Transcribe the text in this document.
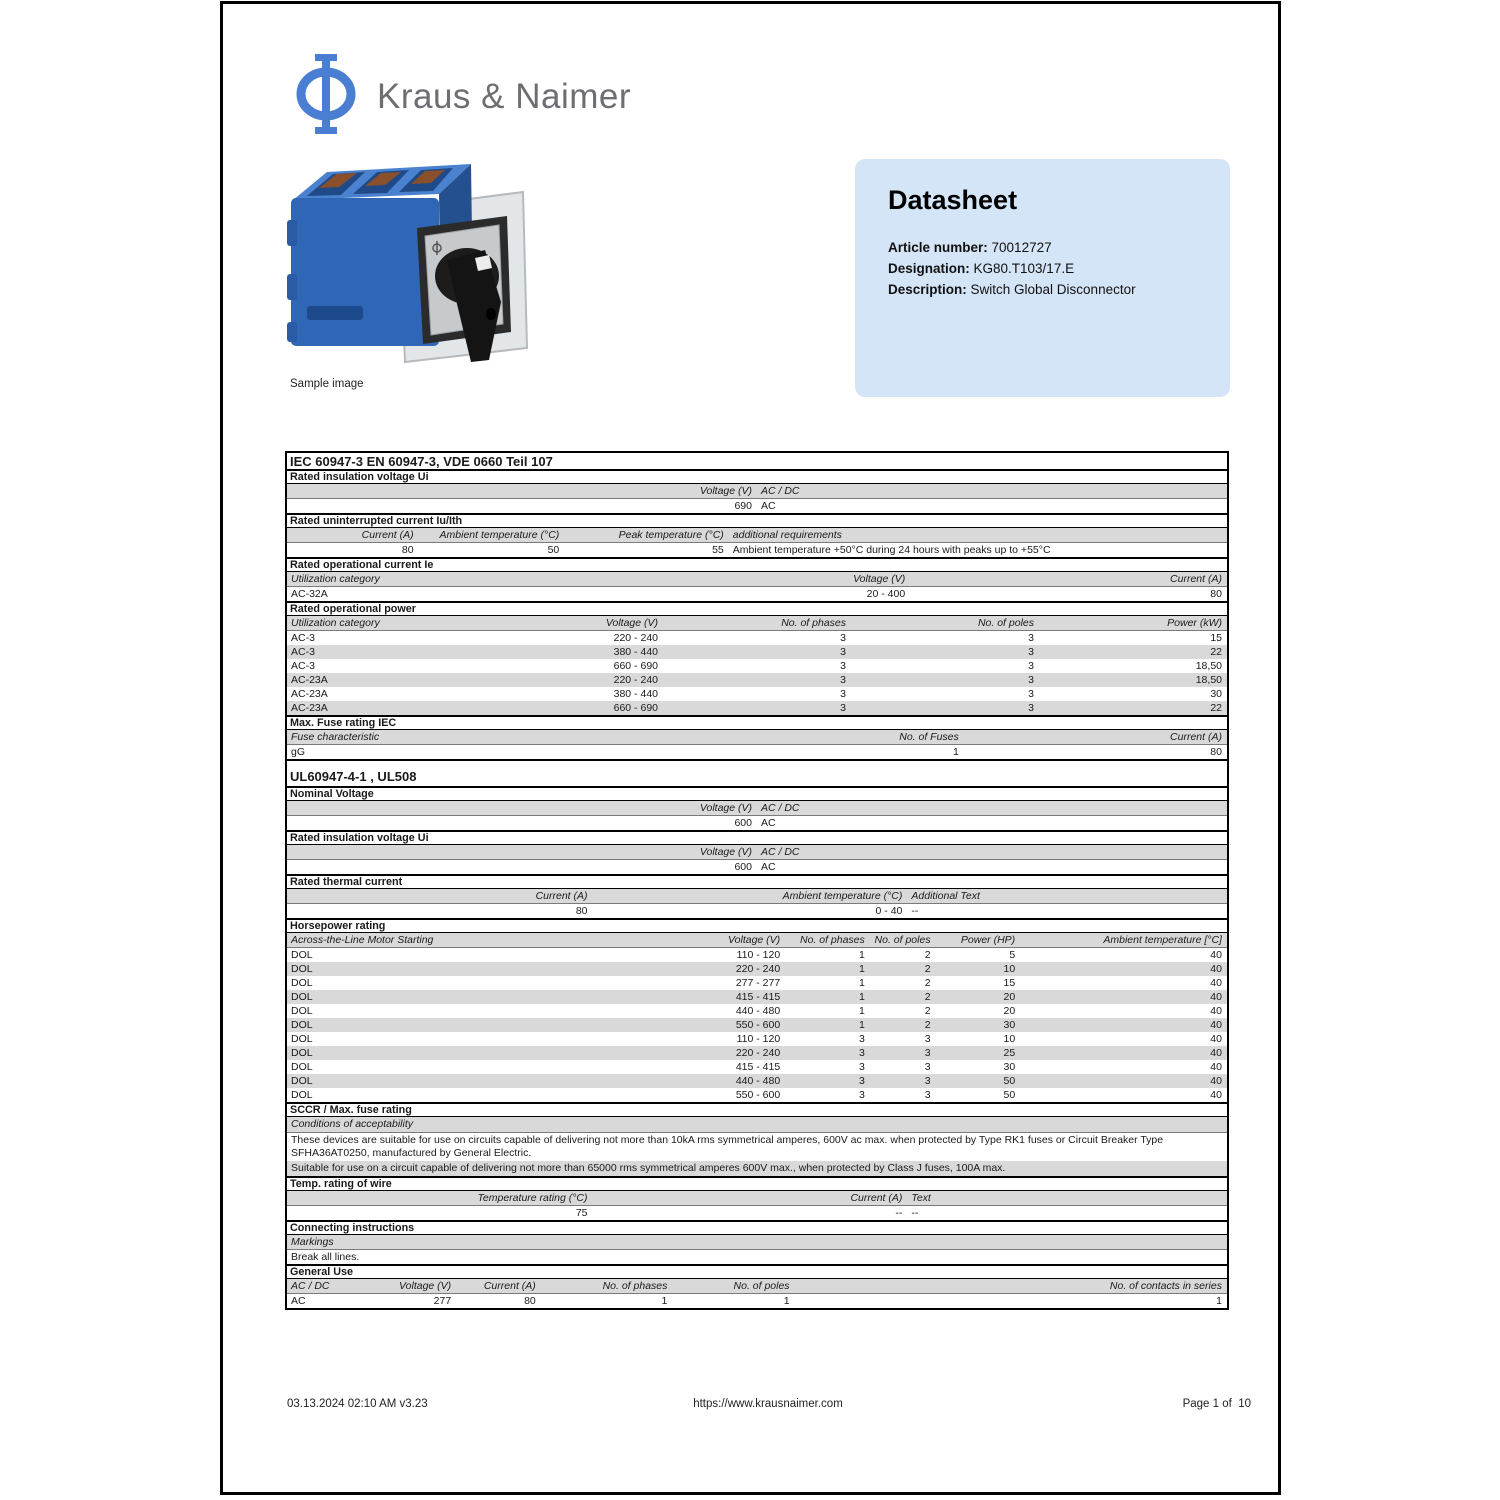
Kraus & Naimer
Sample image
Datasheet
Article number: 70012727
Designation: KG80.T103/17.E
Description: Switch Global Disconnector
IEC 60947-3 EN 60947-3, VDE 0660 Teil 107
Rated insulation voltage Ui
Voltage (V) AC / DC
690 AC
Rated uninterrupted current Iu/Ith
Current (A)	Ambient temperature (°C)	Peak temperature (°C) additional requirements
80	50	55 Ambient temperature +50°C during 24 hours with peaks up to +55°C
Rated operational current Ie
Utilization category	Voltage (V)	Current (A)
AC-32A	20 - 400	80
Rated operational power
Utilization category	Voltage (V)	No. of phases	No. of poles	Power (kW)
AC-3	220 - 240	3	3	15
AC-3	380 - 440	3	3	22
AC-3	660 - 690	3	3	18,50
AC-23A	220 - 240	3	3	18,50
AC-23A	380 - 440	3	3	30
AC-23A	660 - 690	3	3	22
Max. Fuse rating IEC
Fuse characteristic	No. of Fuses	Current (A)
gG	1	80
UL60947-4-1 , UL508
Nominal Voltage
Voltage (V) AC / DC
600 AC
Rated insulation voltage Ui
Voltage (V) AC / DC
600 AC
Rated thermal current
Current (A)	Ambient temperature (°C) Additional Text
80	0 - 40 --
Horsepower rating
Across-the-Line Motor Starting	Voltage (V)	No. of phases No. of poles	Power (HP)	Ambient temperature [°C]
DOL	110 - 120	1	2	5	40
DOL	220 - 240	1	2	10	40
DOL	277 - 277	1	2	15	40
DOL	415 - 415	1	2	20	40
DOL	440 - 480	1	2	20	40
DOL	550 - 600	1	2	30	40
DOL	110 - 120	3	3	10	40
DOL	220 - 240	3	3	25	40
DOL	415 - 415	3	3	30	40
DOL	440 - 480	3	3	50	40
DOL	550 - 600	3	3	50	40
SCCR / Max. fuse rating
Conditions of acceptability
These devices are suitable for use on circuits capable of delivering not more than 10kA rms symmetrical amperes, 600V ac max. when protected by Type RK1 fuses or Circuit Breaker Type SFHA36AT0250, manufactured by General Electric.
Suitable for use on a circuit capable of delivering not more than 65000 rms symmetrical amperes 600V max., when protected by Class J fuses, 100A max.
Temp. rating of wire
Temperature rating (°C)	Current (A) Text
75	-- --
Connecting instructions
Markings
Break all lines.
General Use
AC / DC	Voltage (V)	Current (A)	No. of phases	No. of poles	No. of contacts in series
AC	277	80	1	1	1
03.13.2024 02:10 AM v3.23	https://www.krausnaimer.com	Page 1 of  10
